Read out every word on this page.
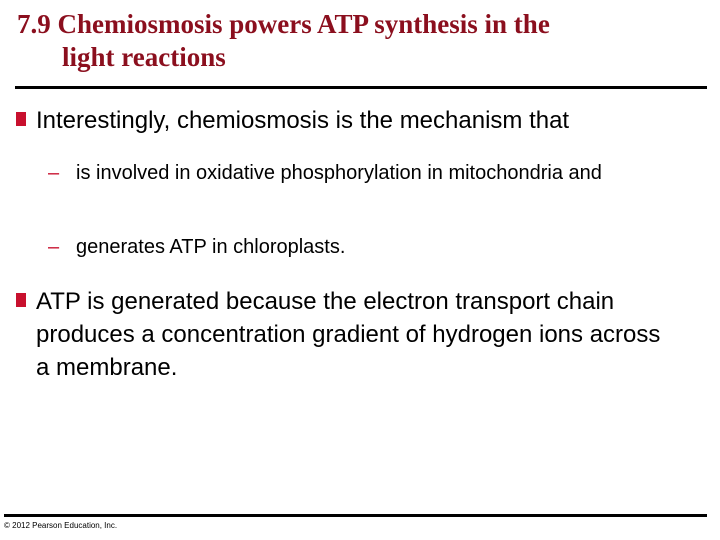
7.9 Chemiosmosis powers ATP synthesis in the
light reactions
Interestingly, chemiosmosis is the mechanism that
– is involved in oxidative phosphorylation in mitochondria and
– generates ATP in chloroplasts.
ATP is generated because the electron transport chain produces a concentration gradient of hydrogen ions across a membrane.
© 2012 Pearson Education, Inc.
